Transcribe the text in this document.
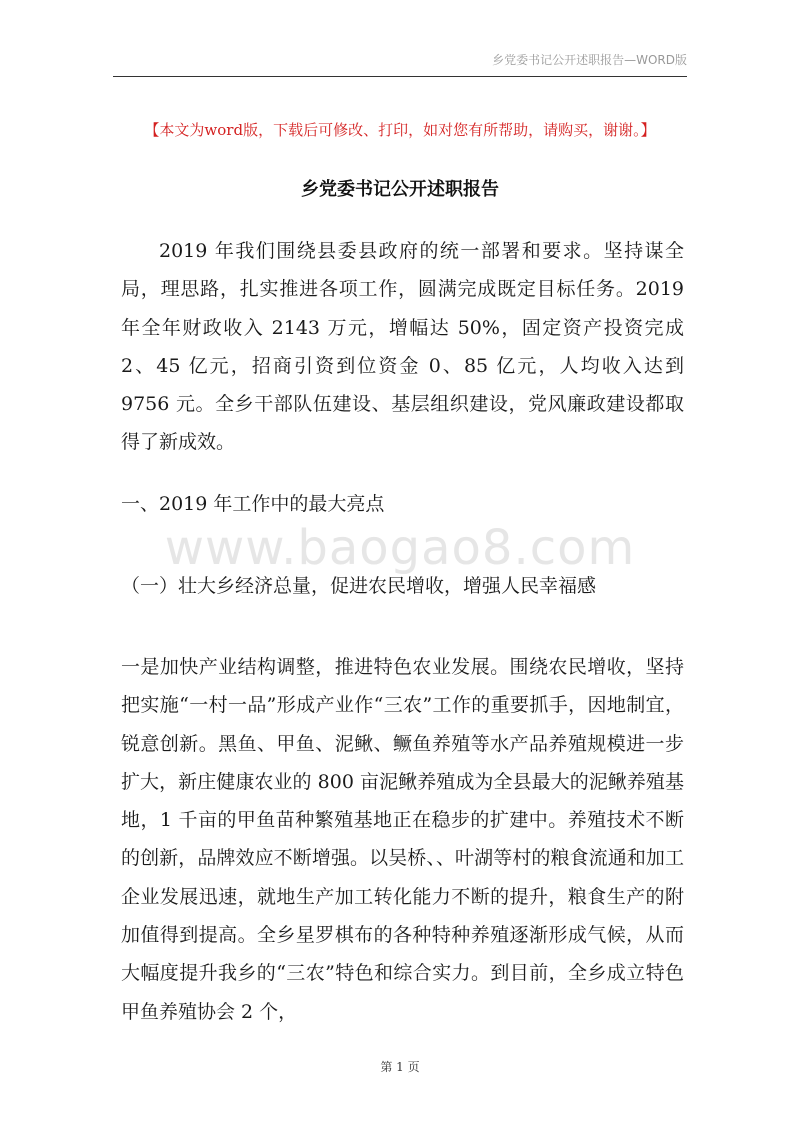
乡党委书记公开述职报告—WORD版
【本文为word版，下载后可修改、打印，如对您有所帮助，请购买，谢谢。】
乡党委书记公开述职报告
2019 年我们围绕县委县政府的统一部署和要求。坚持谋全局，理思路，扎实推进各项工作，圆满完成既定目标任务。2019 年全年财政收入 2143 万元，增幅达 50%，固定资产投资完成 2、45 亿元，招商引资到位资金 0、85 亿元，人均收入达到 9756 元。全乡干部队伍建设、基层组织建设，党风廉政建设都取得了新成效。
一、2019 年工作中的最大亮点
www.baogao8.com
（一）壮大乡经济总量，促进农民增收，增强人民幸福感
一是加快产业结构调整，推进特色农业发展。围绕农民增收，坚持把实施“一村一品”形成产业作“三农”工作的重要抓手，因地制宜，锐意创新。黑鱼、甲鱼、泥鳅、鳜鱼养殖等水产品养殖规模进一步扩大，新庄健康农业的 800 亩泥鳅养殖成为全县最大的泥鳅养殖基地，1 千亩的甲鱼苗种繁殖基地正在稳步的扩建中。养殖技术不断的创新，品牌效应不断增强。以吴桥、、叶湖等村的粮食流通和加工企业发展迅速，就地生产加工转化能力不断的提升，粮食生产的附加值得到提高。全乡星罗棋布的各种特种养殖逐渐形成气候，从而大幅度提升我乡的“三农”特色和综合实力。到目前，全乡成立特色甲鱼养殖协会 2 个，
第 1 页
